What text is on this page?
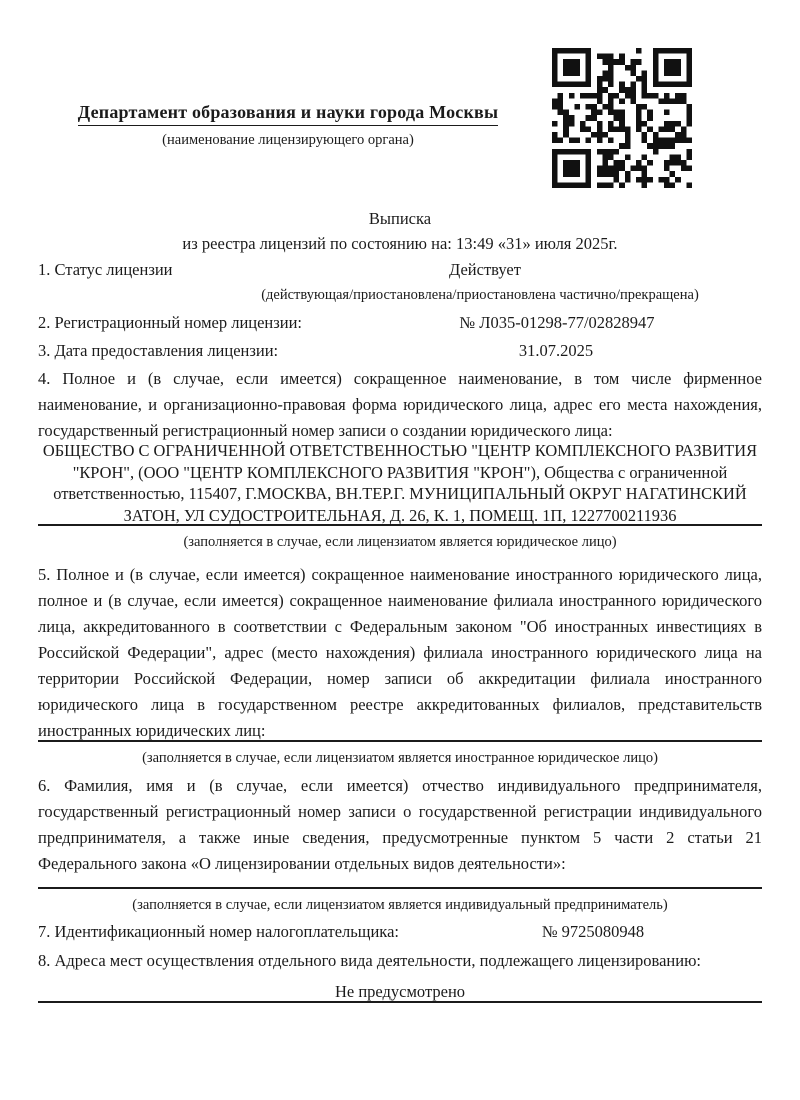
Департамент образования и науки города Москвы
(наименование лицензирующего органа)
Выписка
из реестра лицензий по состоянию на: 13:49 «31» июля 2025г.
1. Статус лицензии	Действует
(действующая/приостановлена/приостановлена частично/прекращена)
2. Регистрационный номер лицензии:	№ Л035-01298-77/02828947
3. Дата предоставления лицензии:	31.07.2025
4. Полное и (в случае, если имеется) сокращенное наименование, в том числе фирменное наименование, и организационно-правовая форма юридического лица, адрес его места нахождения, государственный регистрационный номер записи о создании юридического лица:
ОБЩЕСТВО С ОГРАНИЧЕННОЙ ОТВЕТСТВЕННОСТЬЮ "ЦЕНТР КОМПЛЕКСНОГО РАЗВИТИЯ "КРОН", (ООО "ЦЕНТР КОМПЛЕКСНОГО РАЗВИТИЯ "КРОН"), Общества с ограниченной ответственностью, 115407, Г.МОСКВА, ВН.ТЕР.Г. МУНИЦИПАЛЬНЫЙ ОКРУГ НАГАТИНСКИЙ ЗАТОН, УЛ СУДОСТРОИТЕЛЬНАЯ, Д. 26, К. 1, ПОМЕЩ. 1П, 1227700211936
(заполняется в случае, если лицензиатом является юридическое лицо)
5. Полное и (в случае, если имеется) сокращенное наименование иностранного юридического лица, полное и (в случае, если имеется) сокращенное наименование филиала иностранного юридического лица, аккредитованного в соответствии с Федеральным законом "Об иностранных инвестициях в Российской Федерации", адрес (место нахождения) филиала иностранного юридического лица на территории Российской Федерации, номер записи об аккредитации филиала иностранного юридического лица в государственном реестре аккредитованных филиалов, представительств иностранных юридических лиц:
(заполняется в случае, если лицензиатом является иностранное юридическое лицо)
6. Фамилия, имя и (в случае, если имеется) отчество индивидуального предпринимателя, государственный регистрационный номер записи о государственной регистрации индивидуального предпринимателя, а также иные сведения, предусмотренные пунктом 5 части 2 статьи 21 Федерального закона «О лицензировании отдельных видов деятельности»:
(заполняется в случае, если лицензиатом является индивидуальный предприниматель)
7. Идентификационный номер налогоплательщика:	№ 9725080948
8. Адреса мест осуществления отдельного вида деятельности, подлежащего лицензированию:
Не предусмотрено
